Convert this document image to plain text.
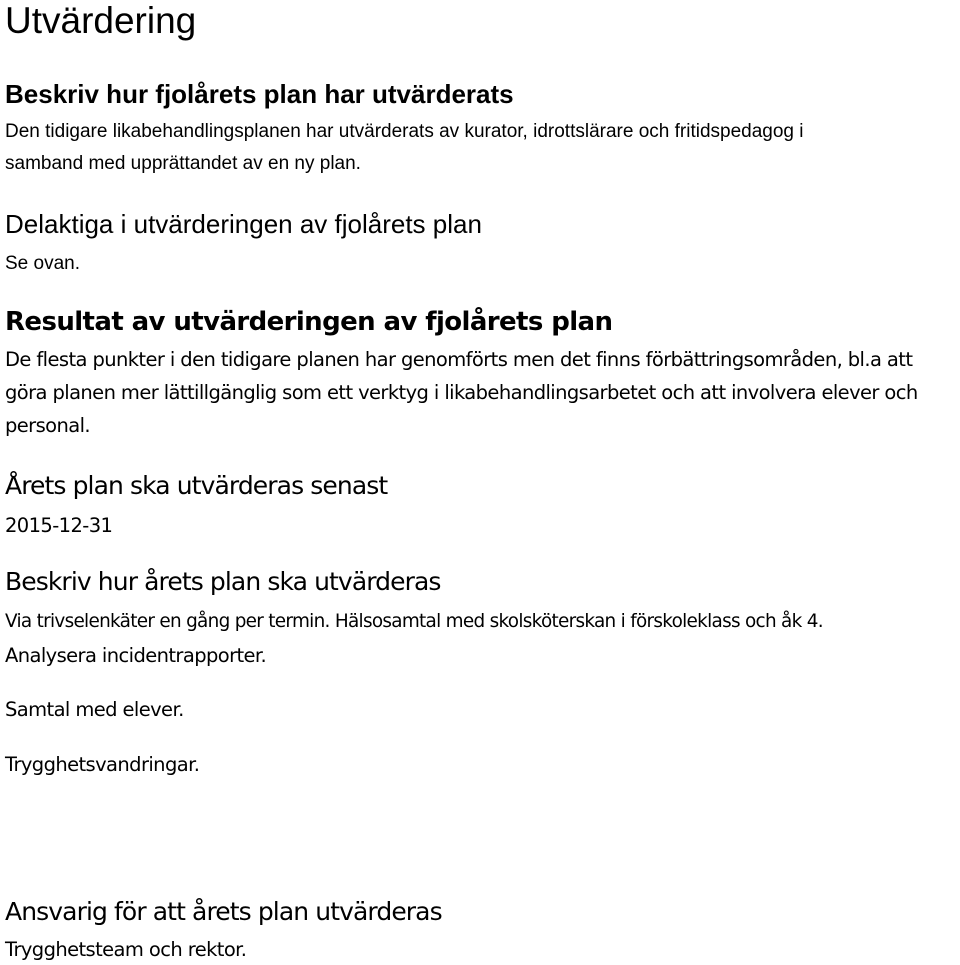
Utvärdering
Beskriv hur fjolårets plan har utvärderats

Den tidigare likabehandlingsplanen har utvärderats av kurator, idrottslärare och fritidspedagog i

samband med upprättandet av en ny plan.

Delaktiga i utvärderingen av fjolårets plan

Se ovan.

Resultat av utvärderingen av fjolårets plan

De flesta punkter i den tidigare planen har genomförts men det finns förbättringsområden, bl.a att

göra planen mer lättillgänglig som ett verktyg i likabehandlingsarbetet och att involvera elever och

personal.

Årets plan ska utvärderas senast

2015-12-31

Beskriv hur årets plan ska utvärderas

Via trivselenkäter en gång per termin. Hälsosamtal med skolsköterskan i förskoleklass och åk 4.

Analysera incidentrapporter.

Samtal med elever.

Trygghetsvandringar.

Ansvarig för att årets plan utvärderas

Trygghetsteam och rektor.
